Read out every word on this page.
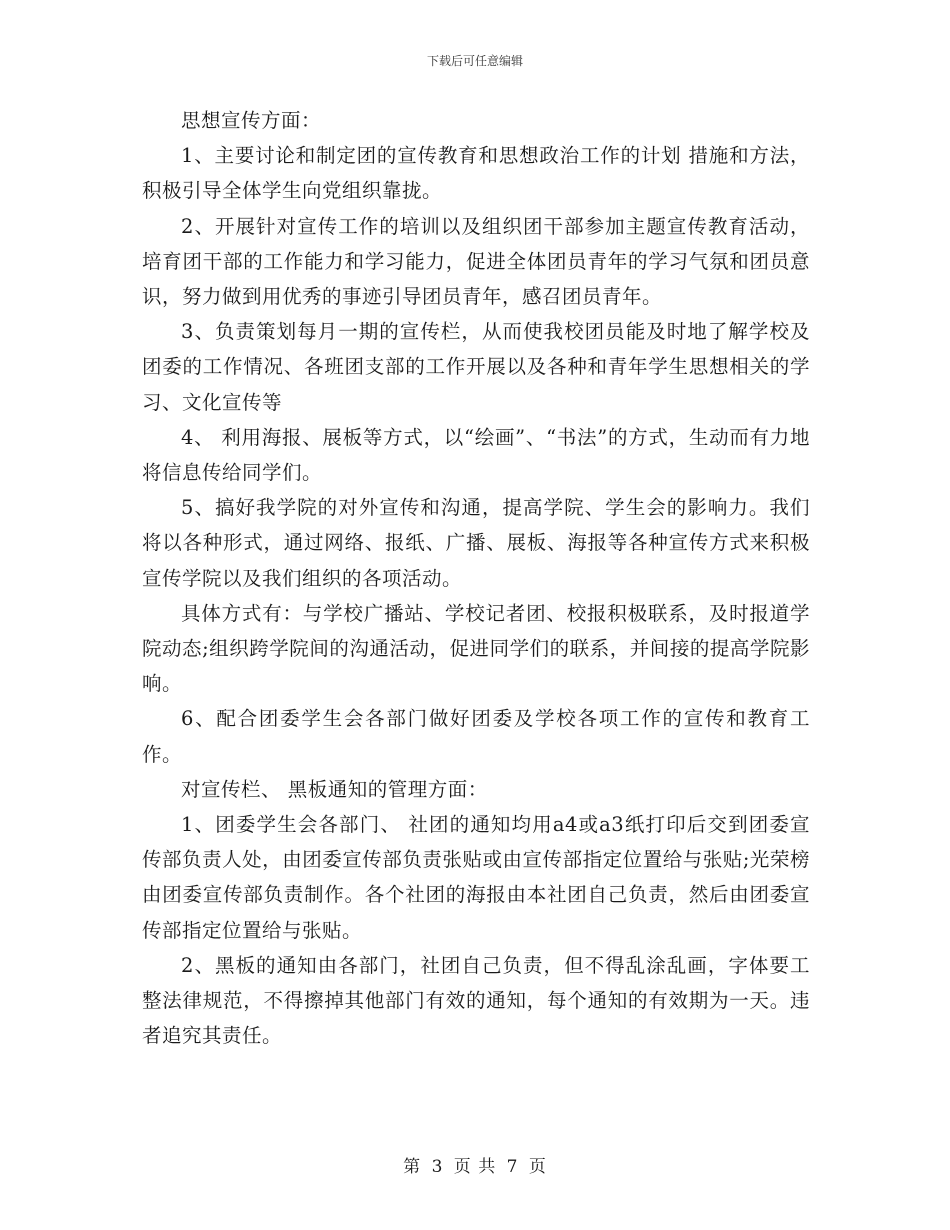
下载后可任意编辑

思想宣传方面：

1、主要讨论和制定团的宣传教育和思想政治工作的计划 措施和方法，积极引导全体学生向党组织靠拢。

2、开展针对宣传工作的培训以及组织团干部参加主题宣传教育活动，培育团干部的工作能力和学习能力，促进全体团员青年的学习气氛和团员意识，努力做到用优秀的事迹引导团员青年，感召团员青年。

3、负责策划每月一期的宣传栏，从而使我校团员能及时地了解学校及团委的工作情况、各班团支部的工作开展以及各种和青年学生思想相关的学习、文化宣传等

4、 利用海报、展板等方式，以“绘画”、“书法”的方式，生动而有力地将信息传给同学们。

5、搞好我学院的对外宣传和沟通，提高学院、学生会的影响力。我们将以各种形式，通过网络、报纸、广播、展板、海报等各种宣传方式来积极宣传学院以及我们组织的各项活动。

具体方式有：与学校广播站、学校记者团、校报积极联系，及时报道学院动态;组织跨学院间的沟通活动，促进同学们的联系，并间接的提高学院影响。

6、配合团委学生会各部门做好团委及学校各项工作的宣传和教育工作。

对宣传栏、 黑板通知的管理方面：

1、团委学生会各部门、 社团的通知均用a4或a3纸打印后交到团委宣传部负责人处，由团委宣传部负责张贴或由宣传部指定位置给与张贴;光荣榜由团委宣传部负责制作。各个社团的海报由本社团自己负责，然后由团委宣传部指定位置给与张贴。

2、黑板的通知由各部门，社团自己负责，但不得乱涂乱画，字体要工整法律规范，不得擦掉其他部门有效的通知，每个通知的有效期为一天。违者追究其责任。

第 3 页 共 7 页
